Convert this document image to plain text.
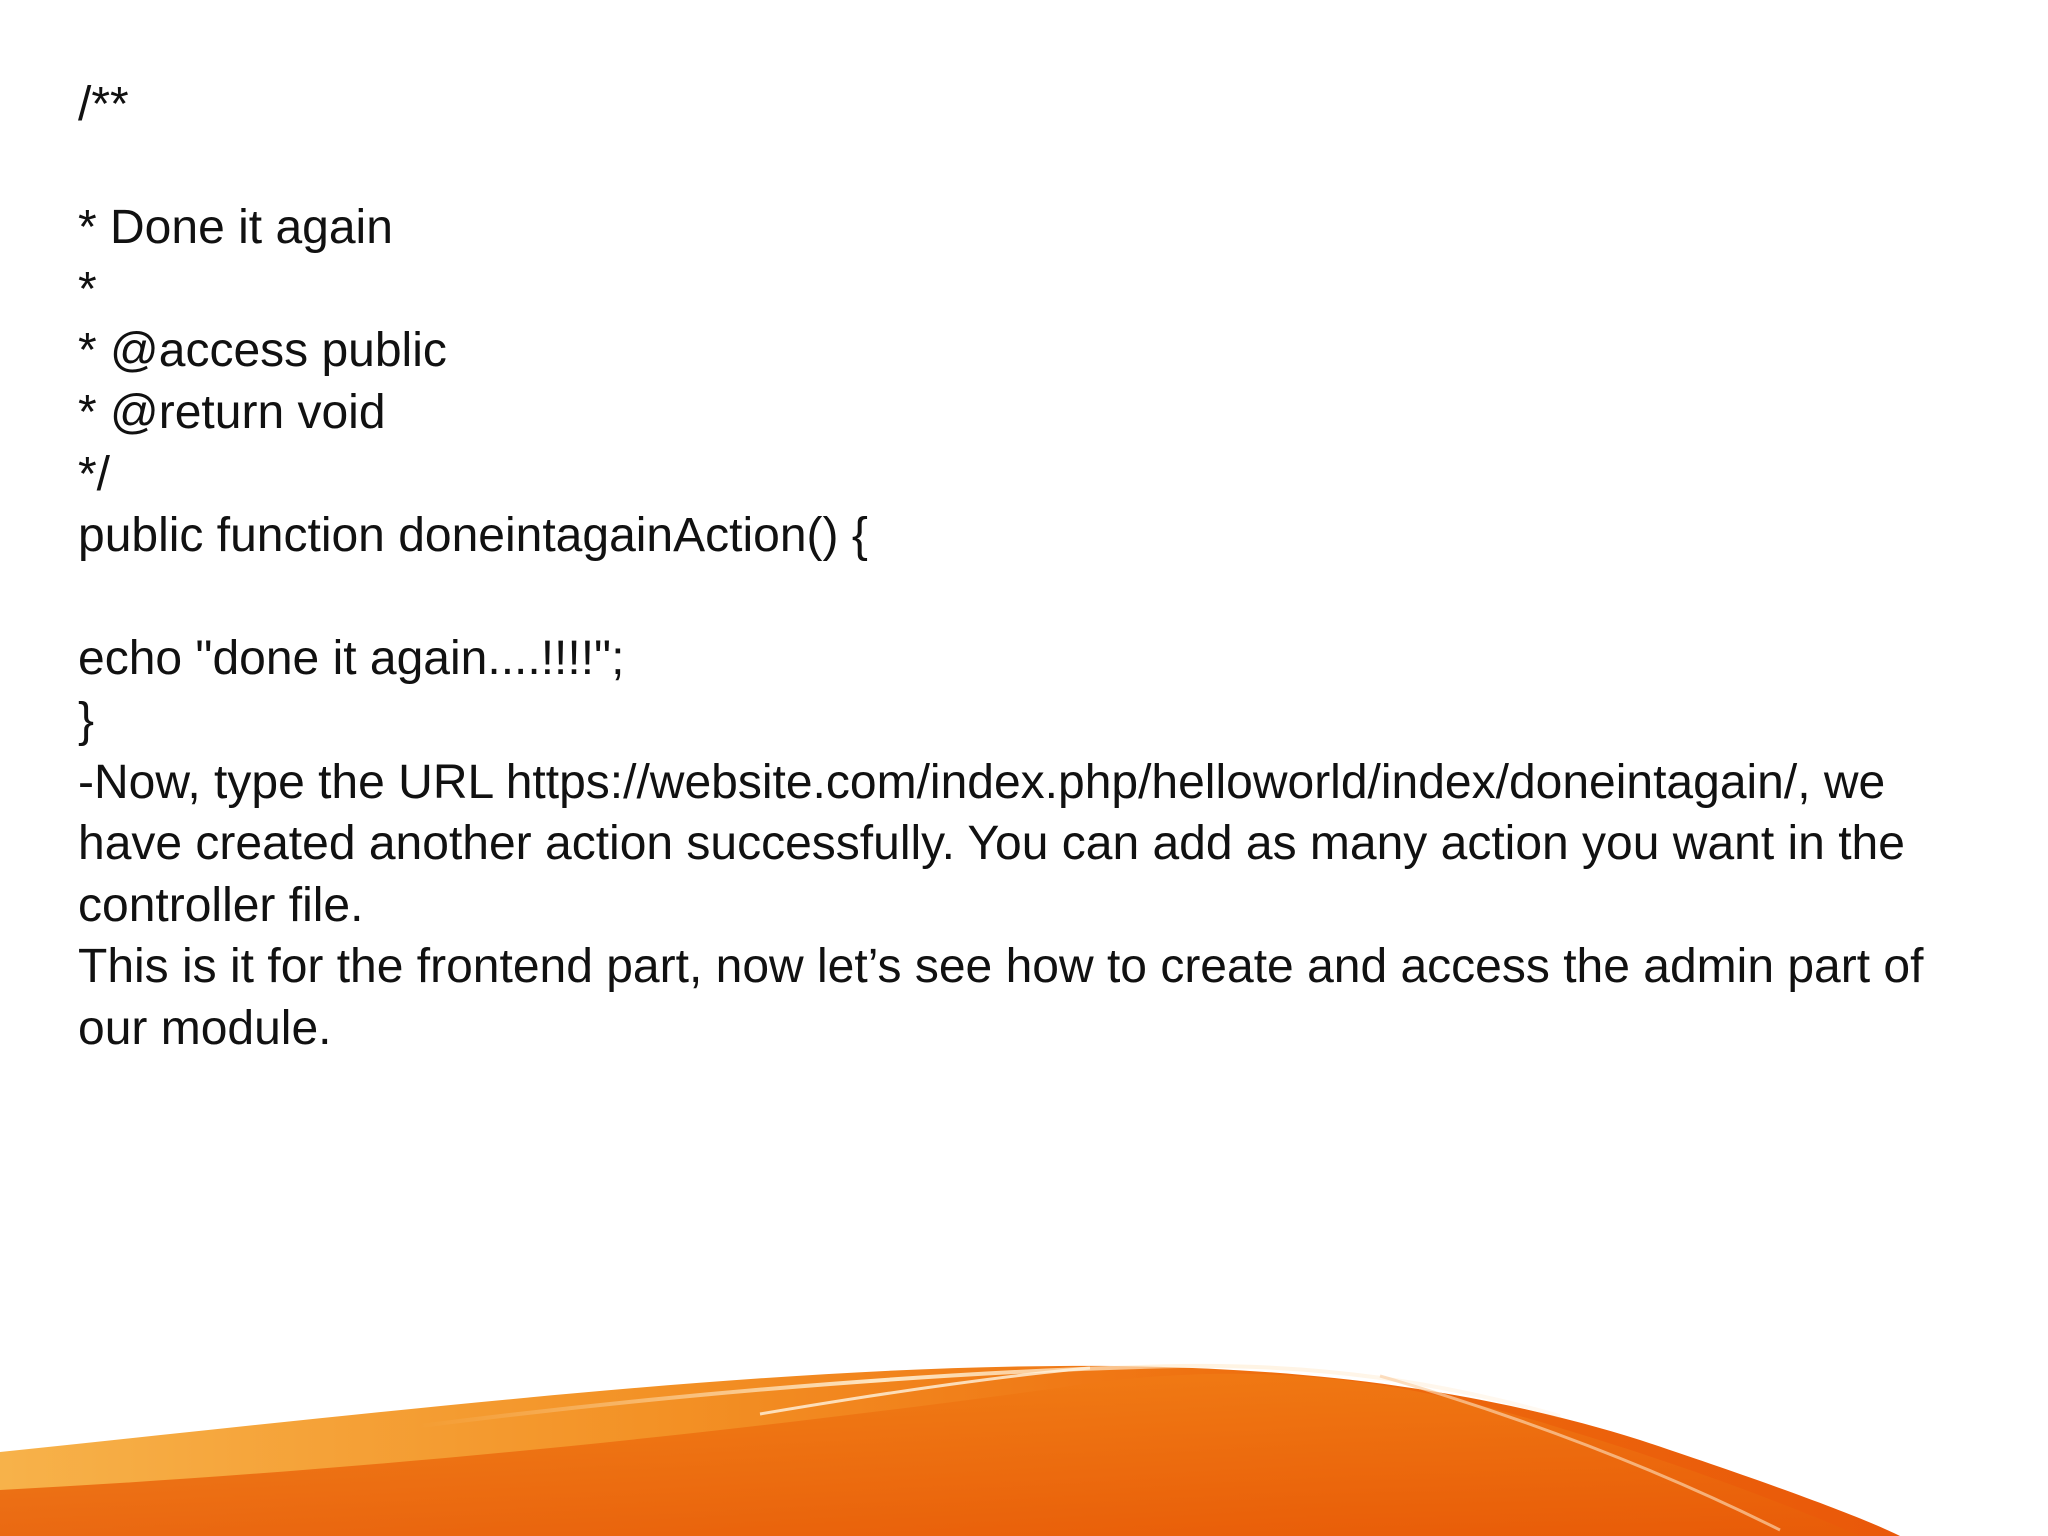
/**
* Done it again
*
* @access public
* @return void
*/
public function doneintagainAction() {
echo "done it again....!!!!";
}
-Now, type the URL https://website.com/index.php/helloworld/index/doneintagain/, we have created another action successfully. You can add as many action you want in the controller file.
This is it for the frontend part, now let’s see how to create and access the admin part of our module.
